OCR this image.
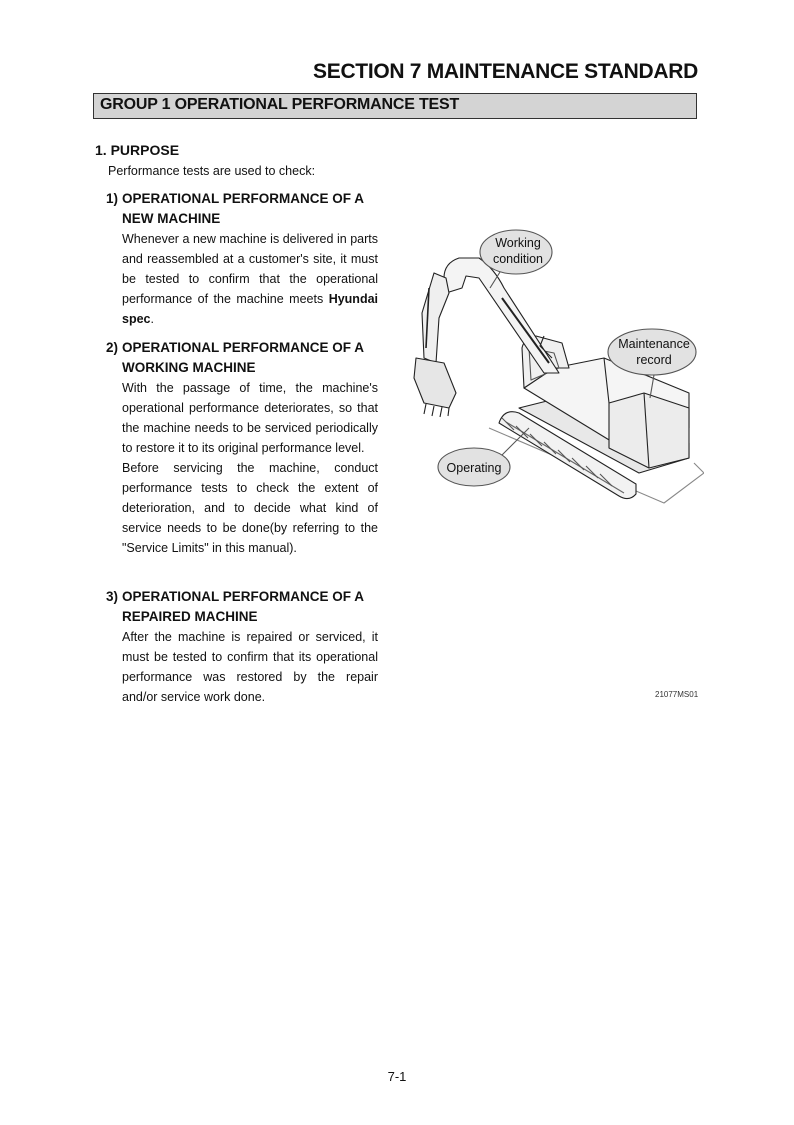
SECTION 7 MAINTENANCE STANDARD
GROUP 1 OPERATIONAL PERFORMANCE TEST
1. PURPOSE
Performance tests are used to check:
1) OPERATIONAL PERFORMANCE OF A
NEW MACHINE
Whenever a new machine is delivered in parts and reassembled at a customer's site, it must be tested to confirm that the operational performance of the machine meets Hyundai spec.
2) OPERATIONAL PERFORMANCE OF A
WORKING MACHINE
With the passage of time, the machine's operational performance deteriorates, so that the machine needs to be serviced periodically to restore it to its original performance level.
Before servicing the machine, conduct performance tests to check the extent of deterioration, and to decide what kind of service needs to be done(by referring to the "Service Limits" in this manual).
3) OPERATIONAL PERFORMANCE OF A
REPAIRED MACHINE
After the machine is repaired or serviced, it must be tested to confirm that its operational performance was restored by the repair and/or service work done.
Working
condition
Maintenance
record
Operating
21077MS01
7-1
